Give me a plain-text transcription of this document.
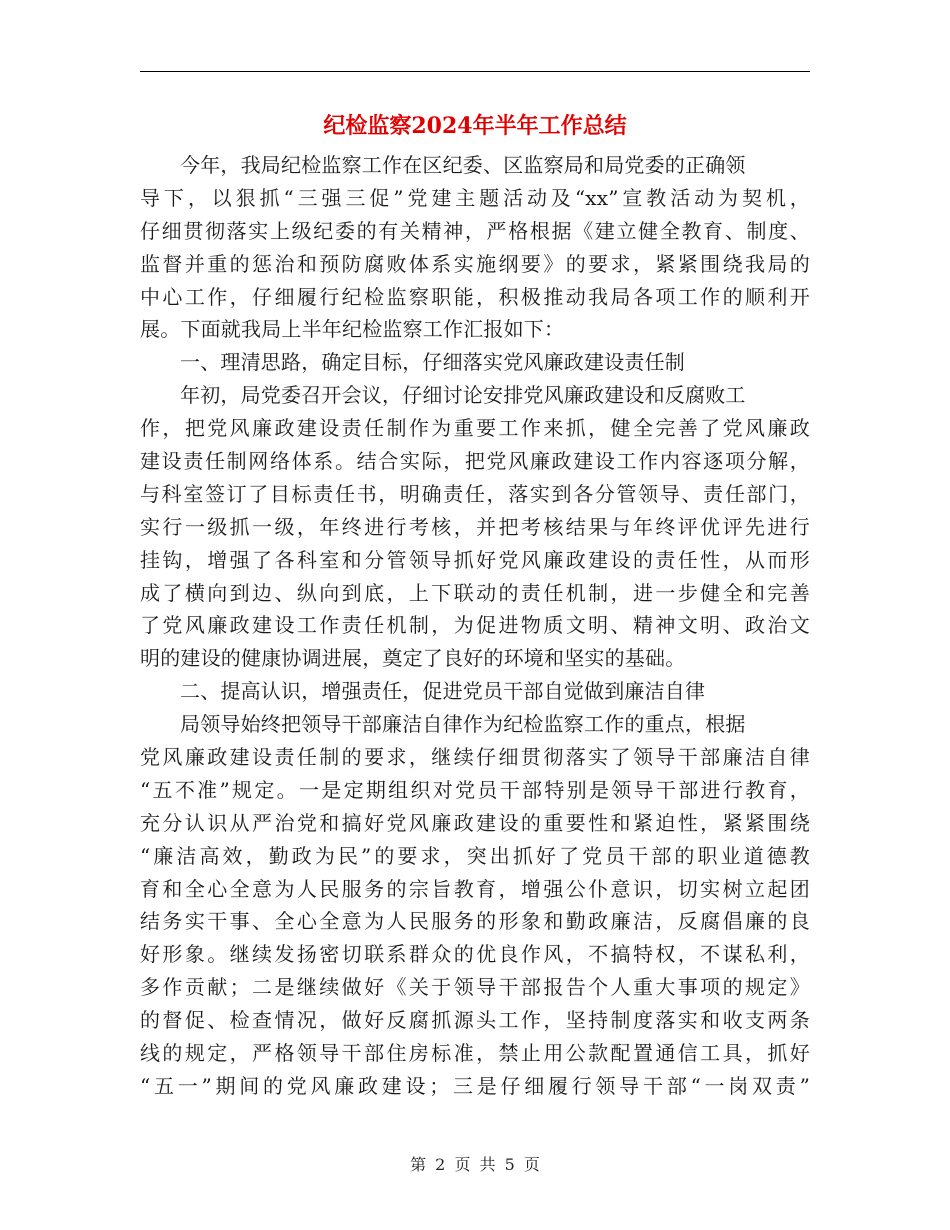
纪检监察2024年半年工作总结
今年，我局纪检监察工作在区纪委、区监察局和局党委的正确领
导下，以狠抓“三强三促”党建主题活动及“xx”宣教活动为契机，
仔细贯彻落实上级纪委的有关精神，严格根据《建立健全教育、制度、
监督并重的惩治和预防腐败体系实施纲要》的要求，紧紧围绕我局的
中心工作，仔细履行纪检监察职能，积极推动我局各项工作的顺利开
展。下面就我局上半年纪检监察工作汇报如下：
一、理清思路，确定目标，仔细落实党风廉政建设责任制
年初，局党委召开会议，仔细讨论安排党风廉政建设和反腐败工
作，把党风廉政建设责任制作为重要工作来抓，健全完善了党风廉政
建设责任制网络体系。结合实际，把党风廉政建设工作内容逐项分解，
与科室签订了目标责任书，明确责任，落实到各分管领导、责任部门，
实行一级抓一级，年终进行考核，并把考核结果与年终评优评先进行
挂钩，增强了各科室和分管领导抓好党风廉政建设的责任性，从而形
成了横向到边、纵向到底，上下联动的责任机制，进一步健全和完善
了党风廉政建设工作责任机制，为促进物质文明、精神文明、政治文
明的建设的健康协调进展，奠定了良好的环境和坚实的基础。
二、提高认识，增强责任，促进党员干部自觉做到廉洁自律
局领导始终把领导干部廉洁自律作为纪检监察工作的重点，根据
党风廉政建设责任制的要求，继续仔细贯彻落实了领导干部廉洁自律
“五不准”规定。一是定期组织对党员干部特别是领导干部进行教育，
充分认识从严治党和搞好党风廉政建设的重要性和紧迫性，紧紧围绕
“廉洁高效，勤政为民”的要求，突出抓好了党员干部的职业道德教
育和全心全意为人民服务的宗旨教育，增强公仆意识，切实树立起团
结务实干事、全心全意为人民服务的形象和勤政廉洁，反腐倡廉的良
好形象。继续发扬密切联系群众的优良作风，不搞特权，不谋私利，
多作贡献；二是继续做好《关于领导干部报告个人重大事项的规定》
的督促、检查情况，做好反腐抓源头工作，坚持制度落实和收支两条
线的规定，严格领导干部住房标准，禁止用公款配置通信工具，抓好
“五一”期间的党风廉政建设；三是仔细履行领导干部“一岗双责”
第 2 页 共 5 页
